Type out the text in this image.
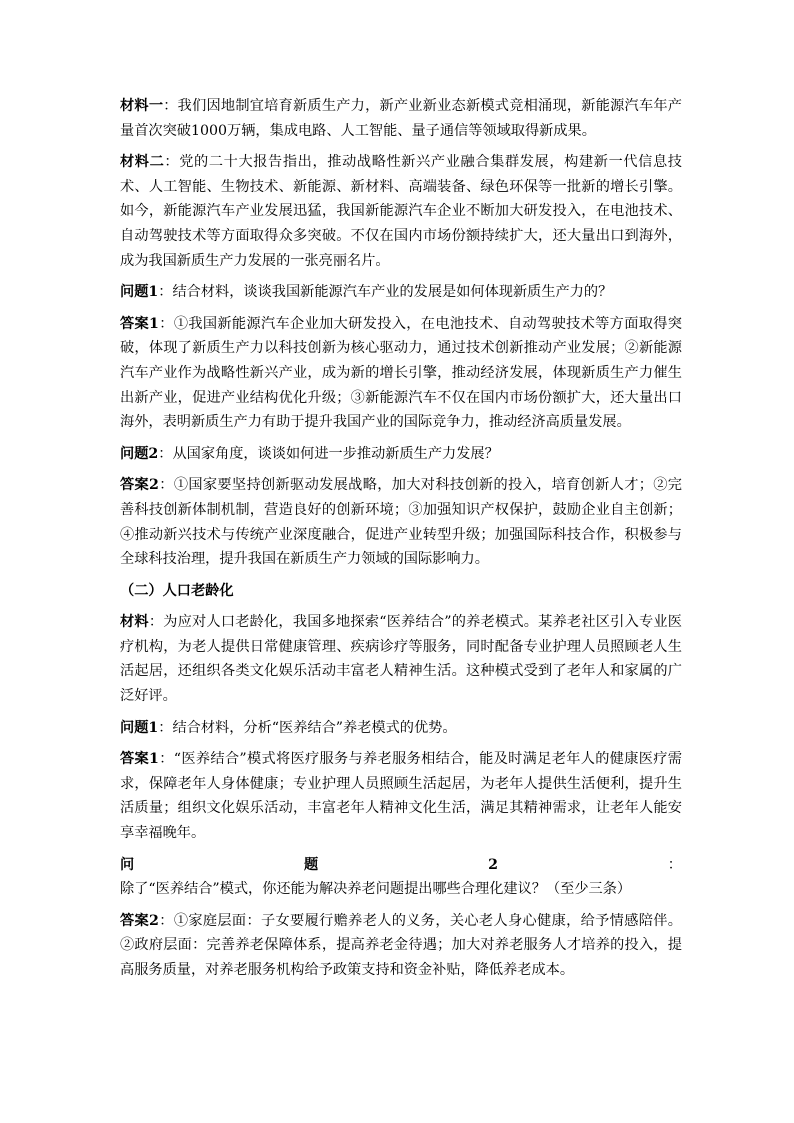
材料一：我们因地制宜培育新质生产力，新产业新业态新模式竞相涌现，新能源汽车年产量首次突破1000万辆，集成电路、人工智能、量子通信等领域取得新成果。

材料二：党的二十大报告指出，推动战略性新兴产业融合集群发展，构建新一代信息技术、人工智能、生物技术、新能源、新材料、高端装备、绿色环保等一批新的增长引擎。如今，新能源汽车产业发展迅猛，我国新能源汽车企业不断加大研发投入，在电池技术、自动驾驶技术等方面取得众多突破。不仅在国内市场份额持续扩大，还大量出口到海外，成为我国新质生产力发展的一张亮丽名片。

问题1：结合材料，谈谈我国新能源汽车产业的发展是如何体现新质生产力的？

答案1：①我国新能源汽车企业加大研发投入，在电池技术、自动驾驶技术等方面取得突破，体现了新质生产力以科技创新为核心驱动力，通过技术创新推动产业发展；②新能源汽车产业作为战略性新兴产业，成为新的增长引擎，推动经济发展，体现新质生产力催生出新产业，促进产业结构优化升级；③新能源汽车不仅在国内市场份额扩大，还大量出口海外，表明新质生产力有助于提升我国产业的国际竞争力，推动经济高质量发展。

问题2：从国家角度，谈谈如何进一步推动新质生产力发展？

答案2：①国家要坚持创新驱动发展战略，加大对科技创新的投入，培育创新人才；②完善科技创新体制机制，营造良好的创新环境；③加强知识产权保护，鼓励企业自主创新；④推动新兴技术与传统产业深度融合，促进产业转型升级；加强国际科技合作，积极参与全球科技治理，提升我国在新质生产力领域的国际影响力。

（二）人口老龄化

材料：为应对人口老龄化，我国多地探索“医养结合”的养老模式。某养老社区引入专业医疗机构，为老人提供日常健康管理、疾病诊疗等服务，同时配备专业护理人员照顾老人生活起居，还组织各类文化娱乐活动丰富老人精神生活。这种模式受到了老年人和家属的广泛好评。

问题1：结合材料，分析“医养结合”养老模式的优势。

答案1：“医养结合”模式将医疗服务与养老服务相结合，能及时满足老年人的健康医疗需求，保障老年人身体健康；专业护理人员照顾生活起居，为老年人提供生活便利，提升生活质量；组织文化娱乐活动，丰富老年人精神文化生活，满足其精神需求，让老年人能安享幸福晚年。

问题2：除了“医养结合”模式，你还能为解决养老问题提出哪些合理化建议？（至少三条）

答案2：①家庭层面：子女要履行赡养老人的义务，关心老人身心健康，给予情感陪伴。②政府层面：完善养老保障体系，提高养老金待遇；加大对养老服务人才培养的投入，提高服务质量，对养老服务机构给予政策支持和资金补贴，降低养老成本。
